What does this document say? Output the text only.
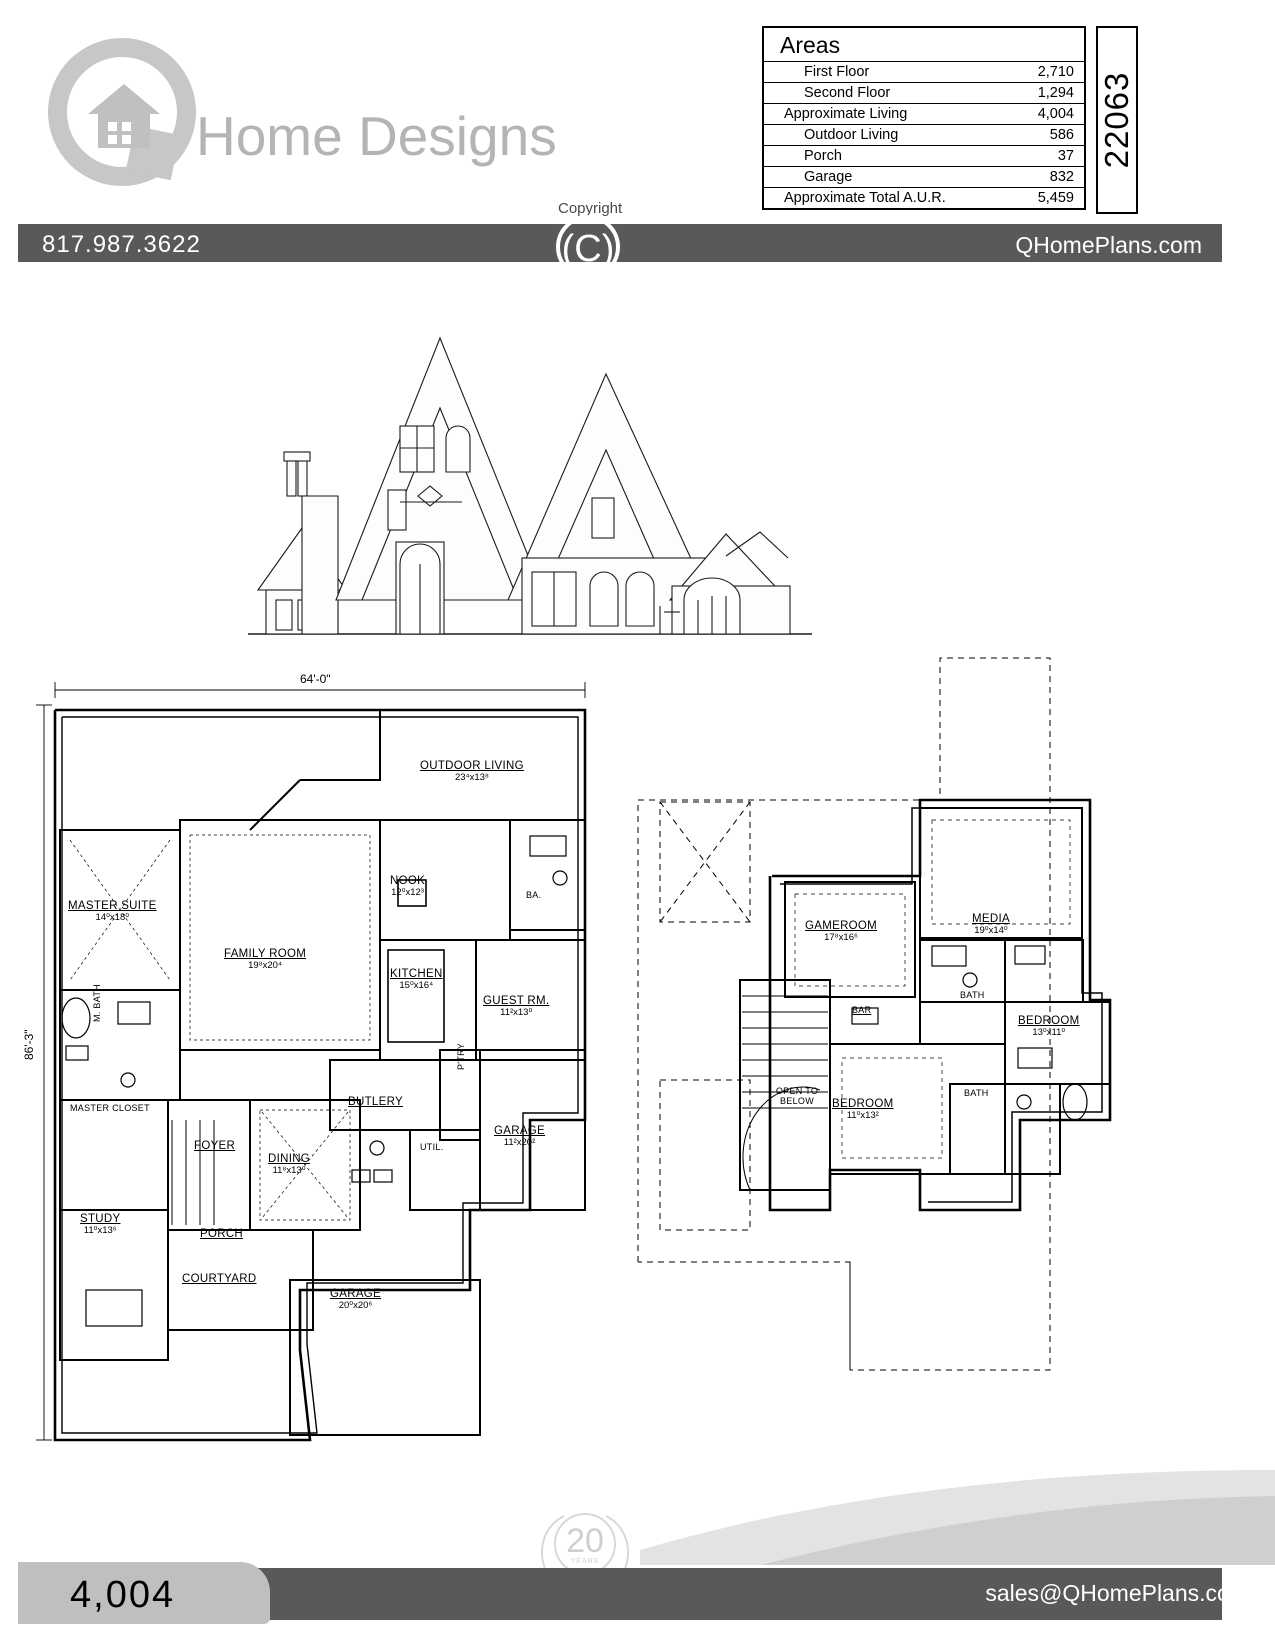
Home Designs
Areas
First Floor	2,710
Second Floor	1,294
Approximate Living	4,004
Outdoor Living	586
Porch	37
Garage	832
Approximate Total A.U.R.	5,459
22063
Copyright
817.987.3622	QHomePlans.com
(C)
64'-0"
86'-3"
OUTDOOR LIVING
23⁴x13⁸
NOOK
12⁰x12³	BA.
MASTER SUITE
14⁰x18⁰
FAMILY ROOM
19⁸x20⁴
KITCHEN
15⁰x16⁴
GUEST RM.
11²x13⁰
M. BATH
P'TRY
BUTLERY
MASTER CLOSET
FOYER
DINING
11⁸x13⁰
UTIL.
GARAGE
11²x20²
STUDY
11⁰x13⁶	PORCH
COURTYARD
GARAGE
20⁰x20⁶
GAMEROOM
17⁸x16⁶
MEDIA
19⁰x14⁰
BATH
BAR
BEDROOM
13⁰x11⁰
OPEN TO BELOW	BEDROOM
11⁰x13²
BATH
20
YEARS
4,004	sales@QHomePlans.com
